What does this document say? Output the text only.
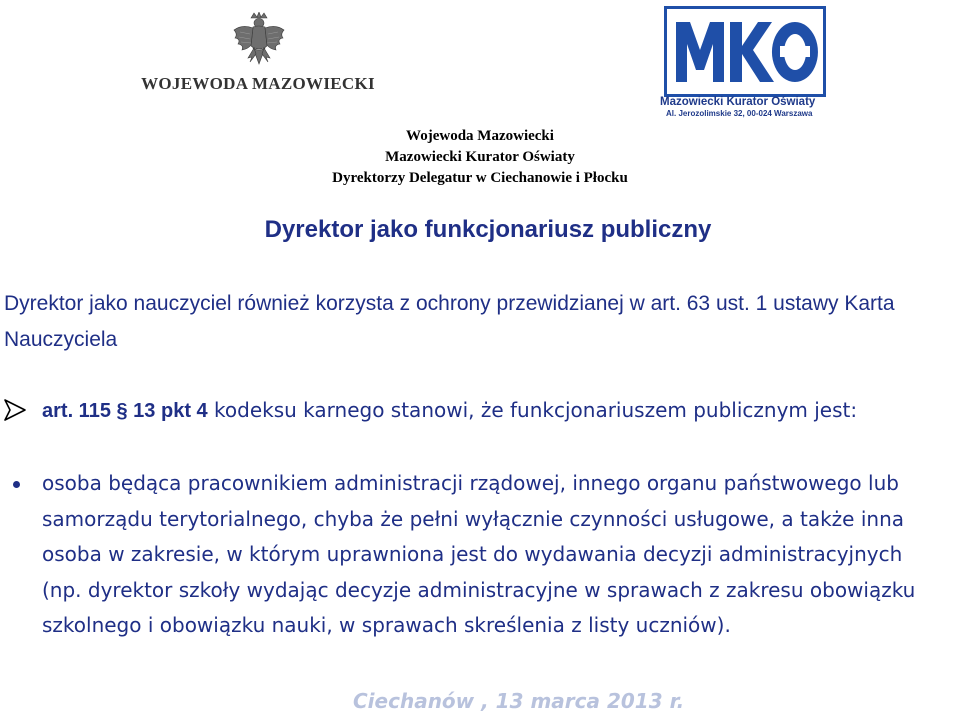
WOJEWODA MAZOWIECKI
Mazowiecki Kurator Oświaty
Al. Jerozolimskie 32, 00-024 Warszawa
Wojewoda Mazowiecki
Mazowiecki Kurator Oświaty
Dyrektorzy Delegatur w Ciechanowie i Płocku
Dyrektor jako funkcjonariusz publiczny
Dyrektor jako nauczyciel również korzysta z ochrony przewidzianej w art. 63 ust. 1 ustawy Karta Nauczyciela
art. 115 § 13 pkt 4 kodeksu karnego stanowi, że funkcjonariuszem publicznym jest:
osoba będąca pracownikiem administracji rządowej, innego organu państwowego lub samorządu terytorialnego, chyba że pełni wyłącznie czynności usługowe, a także inna osoba w zakresie, w którym uprawniona jest do wydawania decyzji administracyjnych (np. dyrektor szkoły wydając decyzje administracyjne w sprawach z zakresu obowiązku szkolnego i obowiązku nauki, w sprawach skreślenia z listy uczniów).
Ciechanów , 13 marca 2013 r.
